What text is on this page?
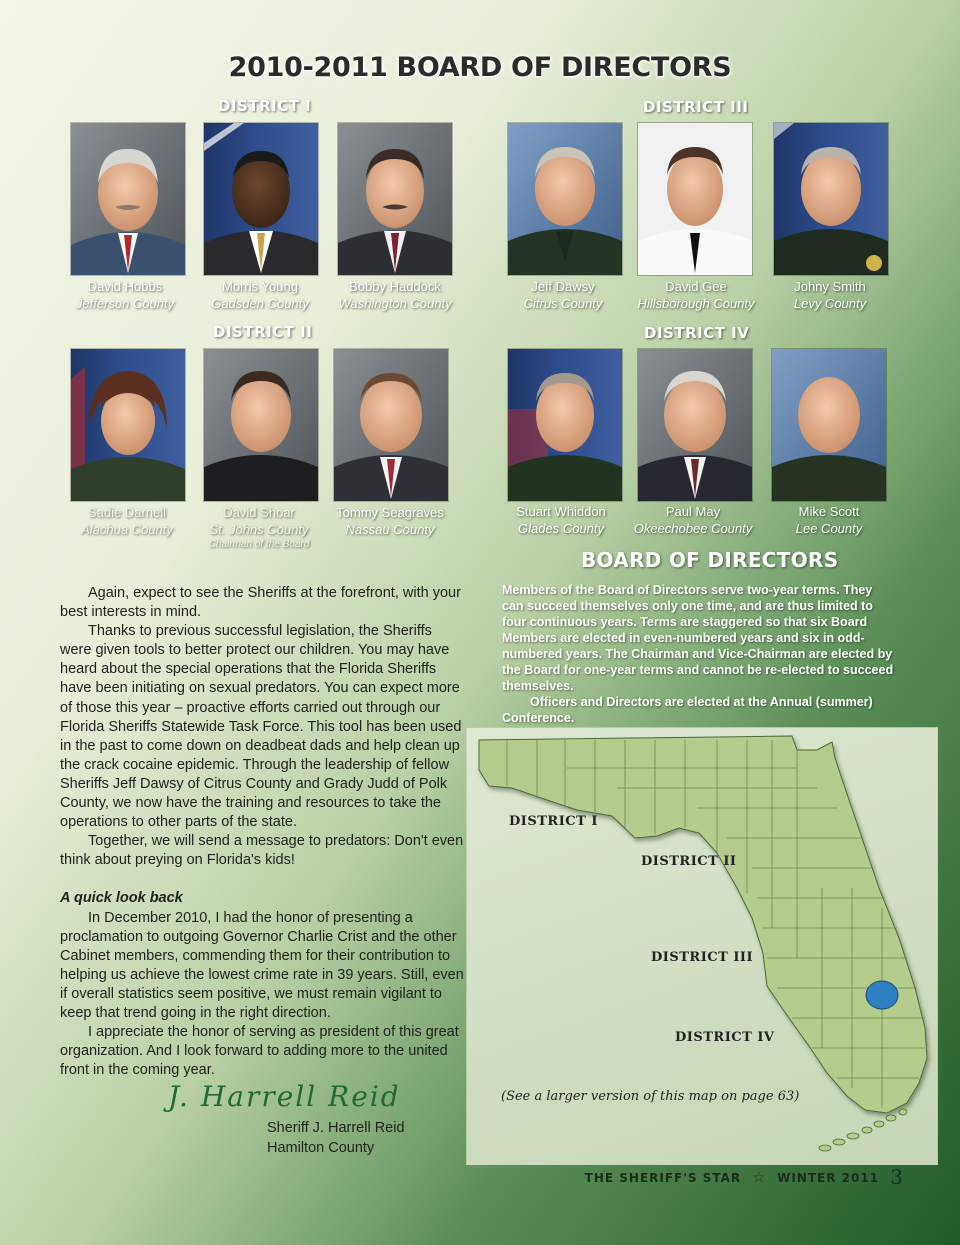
2010-2011 BOARD OF DIRECTORS
DISTRICT I	DISTRICT III
DISTRICT II	DISTRICT IV
David Hobbs
Jefferson County
Morris Young
Gadsden County
Bobby Haddock
Washington County
Jeff Dawsy
Citrus County
David Gee
Hillsborough County
Johny Smith
Levy County
Sadie Darnell
Alachua County
David Shoar
St. Johns County
Chairman of the Board
Tommy Seagraves
Nassau County
Stuart Whiddon
Glades County
Paul May
Okeechobee County
Mike Scott
Lee County
BOARD OF DIRECTORS

Members of the Board of Directors serve two-year terms. They can succeed themselves only one time, and are thus limited to four continuous years. Terms are staggered so that six Board Members are elected in even-numbered years and six in odd-numbered years. The Chairman and Vice-Chairman are elected by the Board for one-year terms and cannot be re-elected to succeed themselves.

Officers and Directors are elected at the Annual (summer) Conference.

Again, expect to see the Sheriffs at the forefront, with your best interests in mind.

Thanks to previous successful legislation, the Sheriffs were given tools to better protect our children. You may have heard about the special operations that the Florida Sheriffs have been initiating on sexual predators. You can expect more of those this year – proactive efforts carried out through our Florida Sheriffs Statewide Task Force. This tool has been used in the past to come down on deadbeat dads and help clean up the crack cocaine epidemic. Through the leadership of fellow Sheriffs Jeff Dawsy of Citrus County and Grady Judd of Polk County, we now have the training and resources to take the operations to other parts of the state.

Together, we will send a message to predators: Don't even think about preying on Florida's kids!

A quick look back

In December 2010, I had the honor of presenting a proclamation to outgoing Governor Charlie Crist and the other Cabinet members, commending them for their contribution to helping us achieve the lowest crime rate in 39 years. Still, even if overall statistics seem positive, we must remain vigilant to keep that trend going in the right direction.

I appreciate the honor of serving as president of this great organization. And I look forward to adding more to the united front in the coming year.

J. Harrell Reid
Sheriff J. Harrell Reid
Hamilton County
DISTRICT I
DISTRICT II
DISTRICT III
DISTRICT IV
(See a larger version of this map on page 63)
THE SHERIFF'S STAR ☆ WINTER 2011 3
